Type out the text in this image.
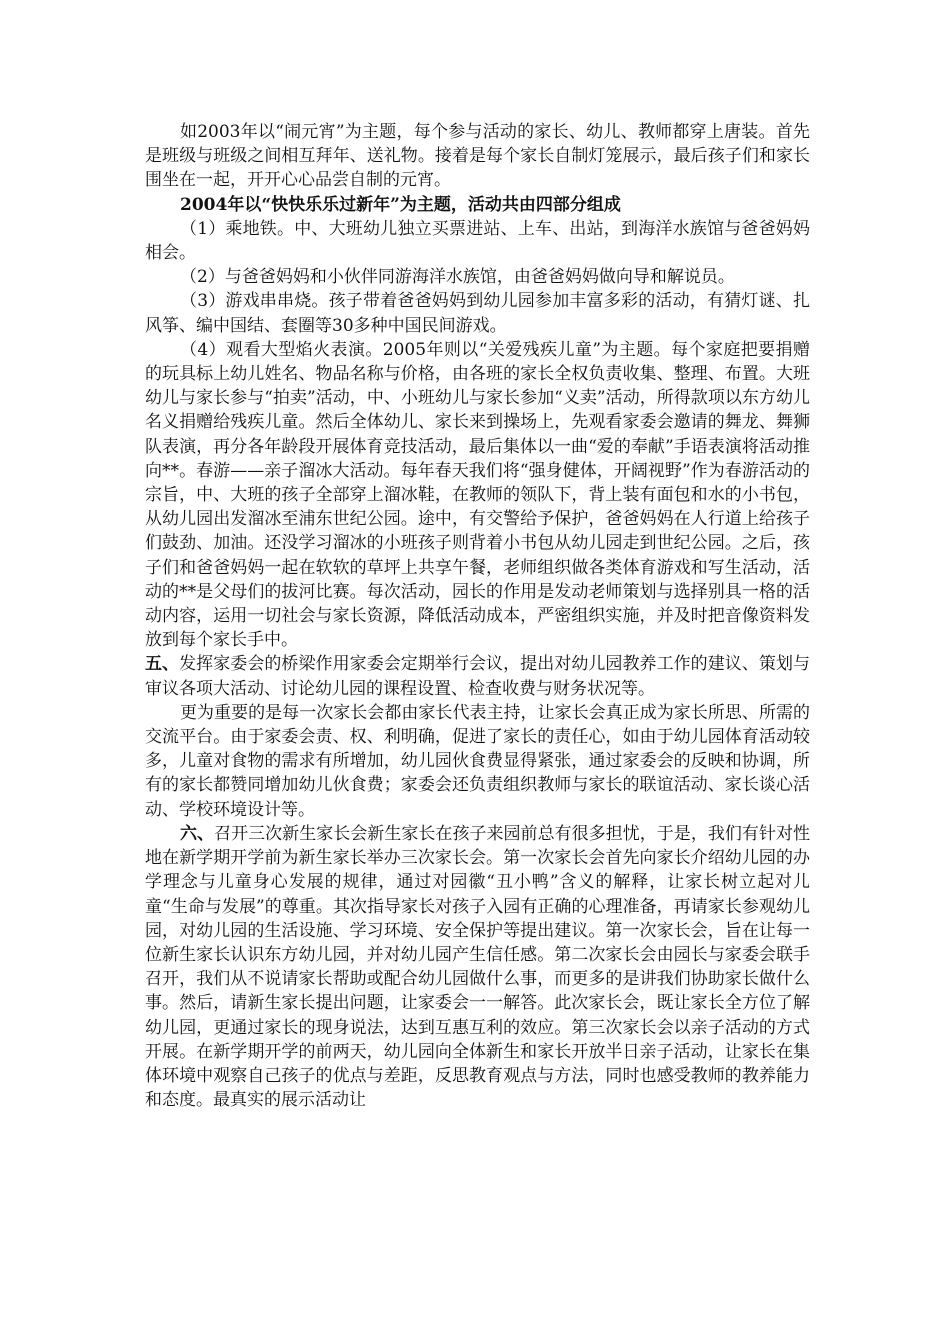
如2003年以“闹元宵”为主题，每个参与活动的家长、幼儿、教师都穿上唐装。首先是班级与班级之间相互拜年、送礼物。接着是每个家长自制灯笼展示，最后孩子们和家长围坐在一起，开开心心品尝自制的元宵。

2004年以“快快乐乐过新年”为主题，活动共由四部分组成

（1）乘地铁。中、大班幼儿独立买票进站、上车、出站，到海洋水族馆与爸爸妈妈相会。

（2）与爸爸妈妈和小伙伴同游海洋水族馆，由爸爸妈妈做向导和解说员。

（3）游戏串串烧。孩子带着爸爸妈妈到幼儿园参加丰富多彩的活动，有猜灯谜、扎风筝、编中国结、套圈等30多种中国民间游戏。

（4）观看大型焰火表演。2005年则以“关爱残疾儿童”为主题。每个家庭把要捐赠的玩具标上幼儿姓名、物品名称与价格，由各班的家长全权负责收集、整理、布置。大班幼儿与家长参与“拍卖”活动，中、小班幼儿与家长参加“义卖”活动，所得款项以东方幼儿名义捐赠给残疾儿童。然后全体幼儿、家长来到操场上，先观看家委会邀请的舞龙、舞狮队表演，再分各年龄段开展体育竞技活动，最后集体以一曲“爱的奉献”手语表演将活动推向**。春游——亲子溜冰大活动。每年春天我们将“强身健体，开阔视野”作为春游活动的宗旨，中、大班的孩子全部穿上溜冰鞋，在教师的领队下，背上装有面包和水的小书包，从幼儿园出发溜冰至浦东世纪公园。途中，有交警给予保护，爸爸妈妈在人行道上给孩子们鼓劲、加油。还没学习溜冰的小班孩子则背着小书包从幼儿园走到世纪公园。之后，孩子们和爸爸妈妈一起在软软的草坪上共享午餐，老师组织做各类体育游戏和写生活动，活动的**是父母们的拔河比赛。每次活动，园长的作用是发动老师策划与选择别具一格的活动内容，运用一切社会与家长资源，降低活动成本，严密组织实施，并及时把音像资料发放到每个家长手中。

五、发挥家委会的桥梁作用家委会定期举行会议，提出对幼儿园教养工作的建议、策划与审议各项大活动、讨论幼儿园的课程设置、检查收费与财务状况等。

更为重要的是每一次家长会都由家长代表主持，让家长会真正成为家长所思、所需的交流平台。由于家委会责、权、利明确，促进了家长的责任心，如由于幼儿园体育活动较多，儿童对食物的需求有所增加，幼儿园伙食费显得紧张，通过家委会的反映和协调，所有的家长都赞同增加幼儿伙食费；家委会还负责组织教师与家长的联谊活动、家长谈心活动、学校环境设计等。

六、召开三次新生家长会新生家长在孩子来园前总有很多担忧，于是，我们有针对性地在新学期开学前为新生家长举办三次家长会。第一次家长会首先向家长介绍幼儿园的办学理念与儿童身心发展的规律，通过对园徽“丑小鸭”含义的解释，让家长树立起对儿童“生命与发展”的尊重。其次指导家长对孩子入园有正确的心理准备，再请家长参观幼儿园，对幼儿园的生活设施、学习环境、安全保护等提出建议。第一次家长会，旨在让每一位新生家长认识东方幼儿园，并对幼儿园产生信任感。第二次家长会由园长与家委会联手召开，我们从不说请家长帮助或配合幼儿园做什么事，而更多的是讲我们协助家长做什么事。然后，请新生家长提出问题，让家委会一一解答。此次家长会，既让家长全方位了解幼儿园，更通过家长的现身说法，达到互惠互利的效应。第三次家长会以亲子活动的方式开展。在新学期开学的前两天，幼儿园向全体新生和家长开放半日亲子活动，让家长在集体环境中观察自己孩子的优点与差距，反思教育观点与方法，同时也感受教师的教养能力和态度。最真实的展示活动让
